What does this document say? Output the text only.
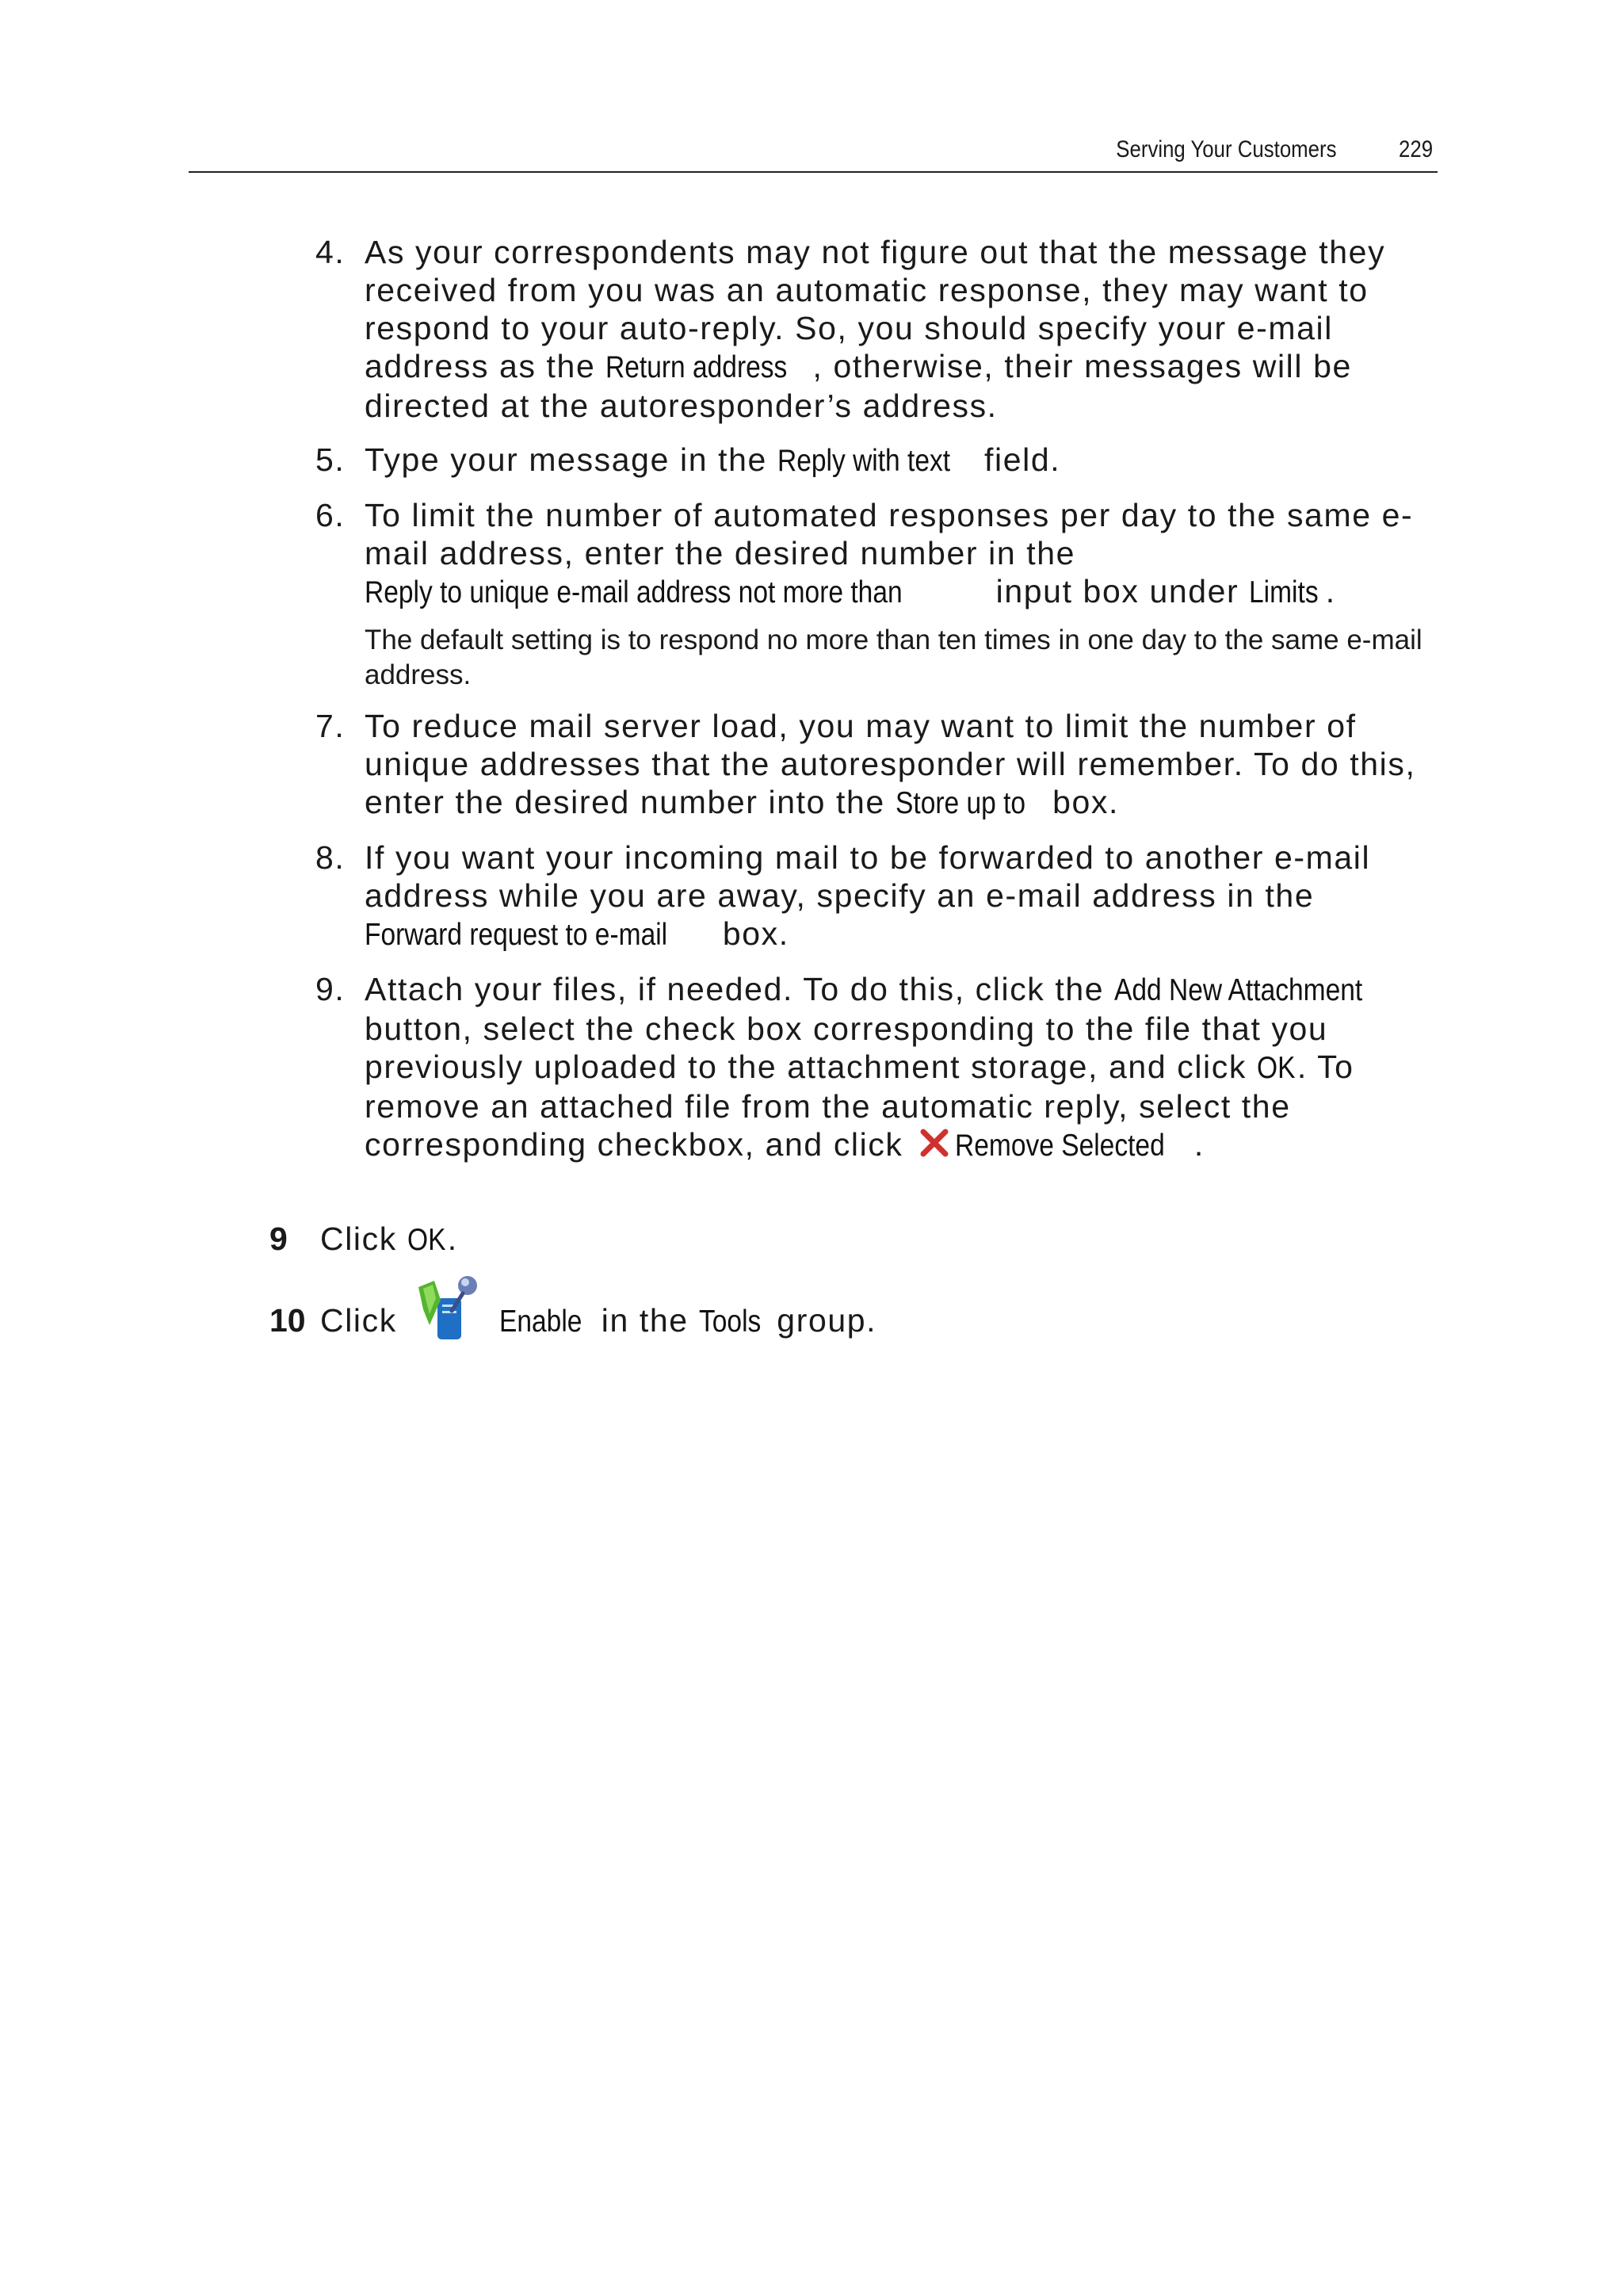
Serving Your Customers	229
4. As your correspondents may not figure out that the message they received from you was an automatic response, they may want to respond to your auto-reply. So, you should specify your e-mail address as the Return address , otherwise, their messages will be directed at the autoresponder’s address.
5. Type your message in the Reply with text field.
6. To limit the number of automated responses per day to the same e-mail address, enter the desired number in the Reply to unique e-mail address not more than	input box under Limits .
The default setting is to respond no more than ten times in one day to the same e-mail address.
7. To reduce mail server load, you may want to limit the number of unique addresses that the autoresponder will remember. To do this, enter the desired number into the Store up to box.
8. If you want your incoming mail to be forwarded to another e-mail address while you are away, specify an e-mail address in the Forward request to e-mail box.
9. Attach your files, if needed. To do this, click the Add New Attachment button, select the check box corresponding to the file that you previously uploaded to the attachment storage, and click OK. To remove an attached file from the automatic reply, select the corresponding checkbox, and click Remove Selected .
9 Click OK.
10 Click	Enable in the Tools group.
